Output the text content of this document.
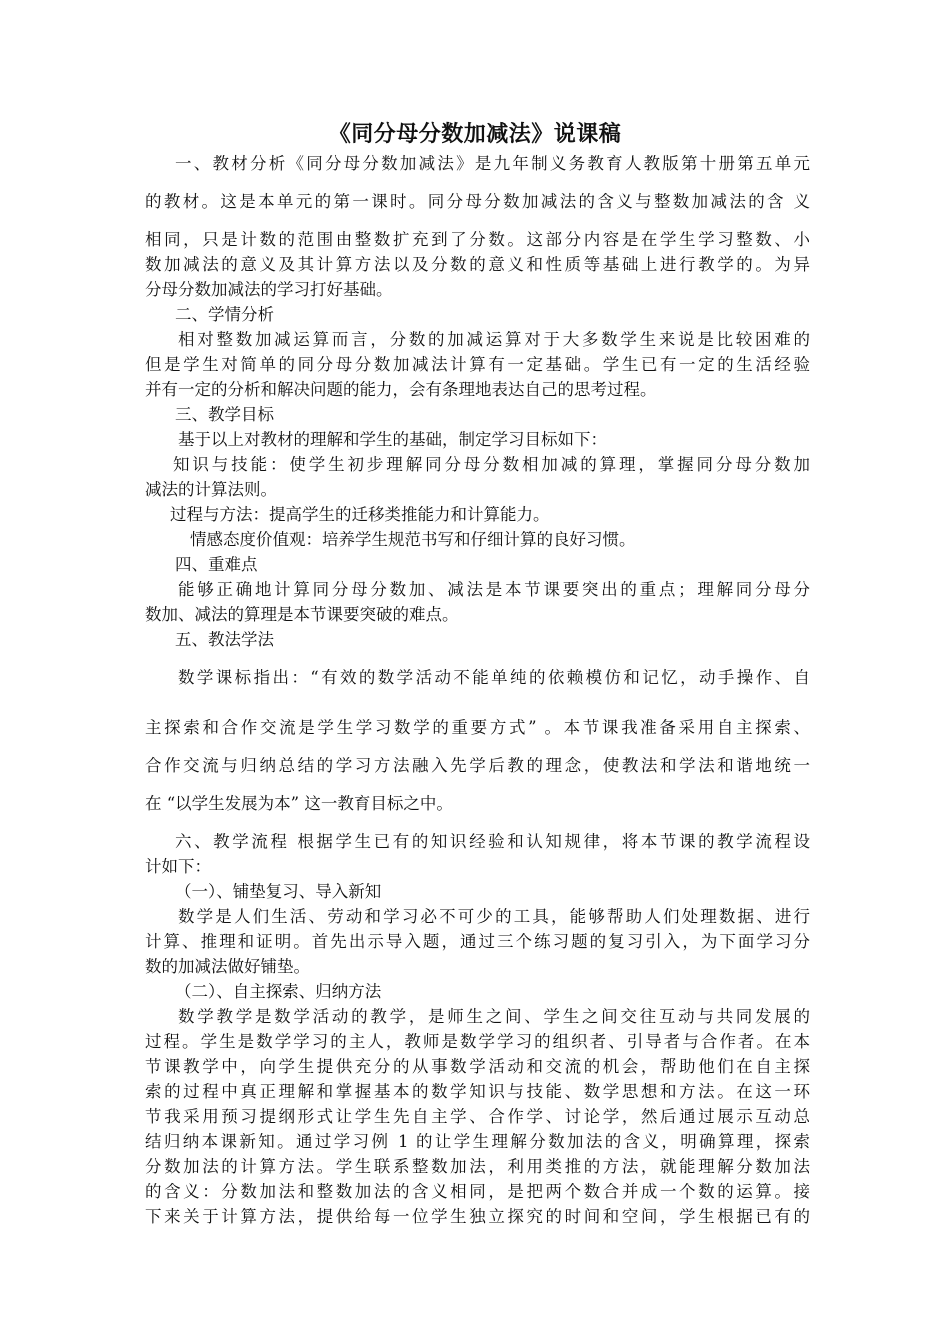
《同分母分数加减法》说课稿
一、教材分析《同分母分数加减法》是九年制义务教育人教版第十册第五单元
的教材。这是本单元的第一课时。同分母分数加减法的含义与整数加减法的含 义
相同，只是计数的范围由整数扩充到了分数。这部分内容是在学生学习整数、小
数加减法的意义及其计算方法以及分数的意义和性质等基础上进行教学的。为异
分母分数加减法的学习打好基础。
二、学情分析
相对整数加减运算而言，分数的加减运算对于大多数学生来说是比较困难的
但是学生对简单的同分母分数加减法计算有一定基础。学生已有一定的生活经验
并有一定的分析和解决问题的能力，会有条理地表达自己的思考过程。
三、教学目标
基于以上对教材的理解和学生的基础，制定学习目标如下：
知识与技能：使学生初步理解同分母分数相加减的算理，掌握同分母分数加
减法的计算法则。
过程与方法：提高学生的迁移类推能力和计算能力。
情感态度价值观：培养学生规范书写和仔细计算的良好习惯。
四、重难点
能够正确地计算同分母分数加、减法是本节课要突出的重点；理解同分母分
数加、减法的算理是本节课要突破的难点。
五、教法学法
数学课标指出：“有效的数学活动不能单纯的依赖模仿和记忆，动手操作、自
主探索和合作交流是学生学习数学的重要方式” 。本节课我准备采用自主探索、
合作交流与归纳总结的学习方法融入先学后教的理念，使教法和学法和谐地统一
在 “以学生发展为本” 这一教育目标之中。
六、教学流程 根据学生已有的知识经验和认知规律，将本节课的教学流程设
计如下：
（一）、铺垫复习、导入新知
数学是人们生活、劳动和学习必不可少的工具，能够帮助人们处理数据、进行
计算、推理和证明。首先出示导入题，通过三个练习题的复习引入，为下面学习分
数的加减法做好铺垫。
（二）、自主探索、归纳方法
数学教学是数学活动的教学，是师生之间、学生之间交往互动与共同发展的
过程。学生是数学学习的主人，教师是数学学习的组织者、引导者与合作者。在本
节课教学中，向学生提供充分的从事数学活动和交流的机会，帮助他们在自主探
索的过程中真正理解和掌握基本的数学知识与技能、数学思想和方法。在这一环
节我采用预习提纲形式让学生先自主学、合作学、讨论学，然后通过展示互动总
结归纳本课新知。通过学习例 1 的让学生理解分数加法的含义，明确算理，探索
分数加法的计算方法。学生联系整数加法，利用类推的方法，就能理解分数加法
的含义：分数加法和整数加法的含义相同，是把两个数合并成一个数的运算。接
下来关于计算方法，提供给每一位学生独立探究的时间和空间，学生根据已有的
